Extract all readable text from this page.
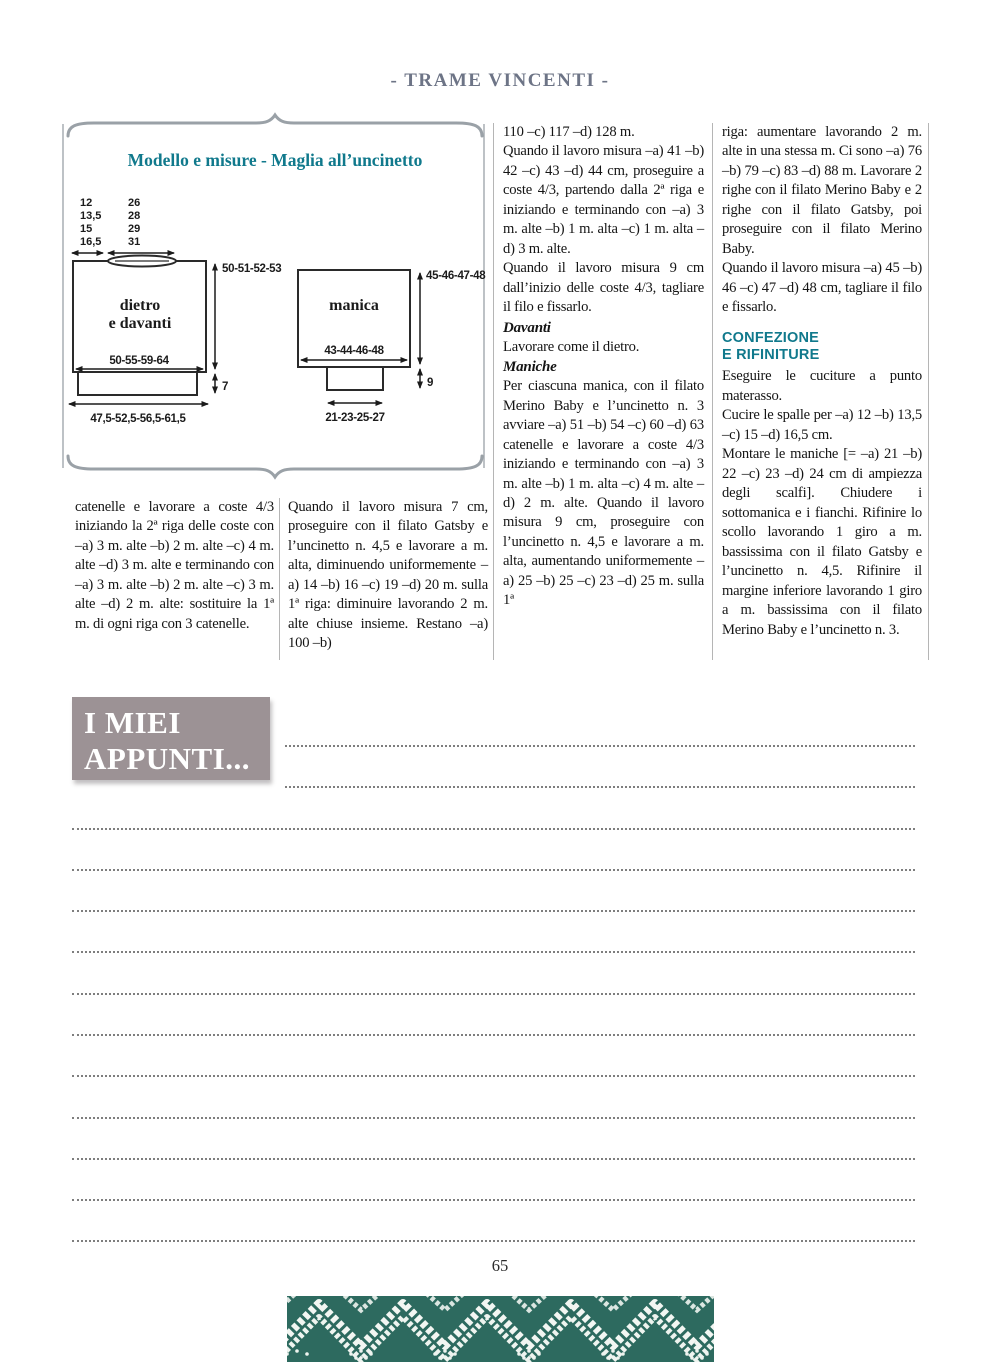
- TRAME VINCENTI -
Modello e misure - Maglia all’uncinetto
12
13,5
15
16,5
26
28
29
31
dietro
e davanti
50-51-52-53
50-55-59-64
7
47,5-52,5-56,5-61,5
manica
43-44-46-48
45-46-47-48
9
21-23-25-27

catenelle e lavorare a coste 4/3 iniziando la 2ª riga delle coste con –a) 3 m. alte –b) 2 m. alte –c) 4 m. alte –d) 3 m. alte e terminando con –a) 3 m. alte –b) 2 m. alte –c) 3 m. alte –d) 2 m. alte: sostituire la 1ª m. di ogni riga con 3 catenelle.

Quando il lavoro misura 7 cm, proseguire con il filato Gatsby e l’uncinetto n. 4,5 e lavorare a m. alta, diminuendo uniformemente –a) 14 –b) 16 –c) 19 –d) 20 m. sulla 1ª riga: diminuire lavorando 2 m. alte chiuse insieme. Restano –a) 100 –b)

110 –c) 117 –d) 128 m.

Quando il lavoro misura –a) 41 –b) 42 –c) 43 –d) 44 cm, proseguire a coste 4/3, partendo dalla 2ª riga e iniziando e terminando con –a) 3 m. alte –b) 1 m. alta –c) 1 m. alta –d) 3 m. alte.

Quando il lavoro misura 9 cm dall’inizio delle coste 4/3, tagliare il filo e fissarlo.

Davanti

Lavorare come il dietro.

Maniche

Per ciascuna manica, con il filato Merino Baby e l’uncinetto n. 3 avviare –a) 51 –b) 54 –c) 60 –d) 63 catenelle e lavorare a coste 4/3 iniziando e terminando con –a) 3 m. alte –b) 1 m. alta –c) 4 m. alte –d) 2 m. alte. Quando il lavoro misura 9 cm, proseguire con l’uncinetto n. 4,5 e lavorare a m. alta, aumentando uniformemente –a) 25 –b) 25 –c) 23 –d) 25 m. sulla 1ª

riga: aumentare lavorando 2 m. alte in una stessa m. Ci sono –a) 76 –b) 79 –c) 83 –d) 88 m. Lavorare 2 righe con il filato Merino Baby e 2 righe con il filato Gatsby, poi proseguire con il filato Merino Baby.

Quando il lavoro misura –a) 45 –b) 46 –c) 47 –d) 48 cm, tagliare il filo e fissarlo.

CONFEZIONE
E RIFINITURE

Eseguire le cuciture a punto materasso.

Cucire le spalle per –a) 12 –b) 13,5 –c) 15 –d) 16,5 cm.

Montare le maniche [= –a) 21 –b) 22 –c) 23 –d) 24 cm di ampiezza degli scalfi]. Chiudere i sottomanica e i fianchi. Rifinire lo scollo lavorando 1 giro a m. bassissima con il filato Gatsby e l’uncinetto n. 4,5. Rifinire il margine inferiore lavorando 1 giro a m. bassissima con il filato Merino Baby e l’uncinetto n. 3.

I MIEI
APPUNTI...
65
